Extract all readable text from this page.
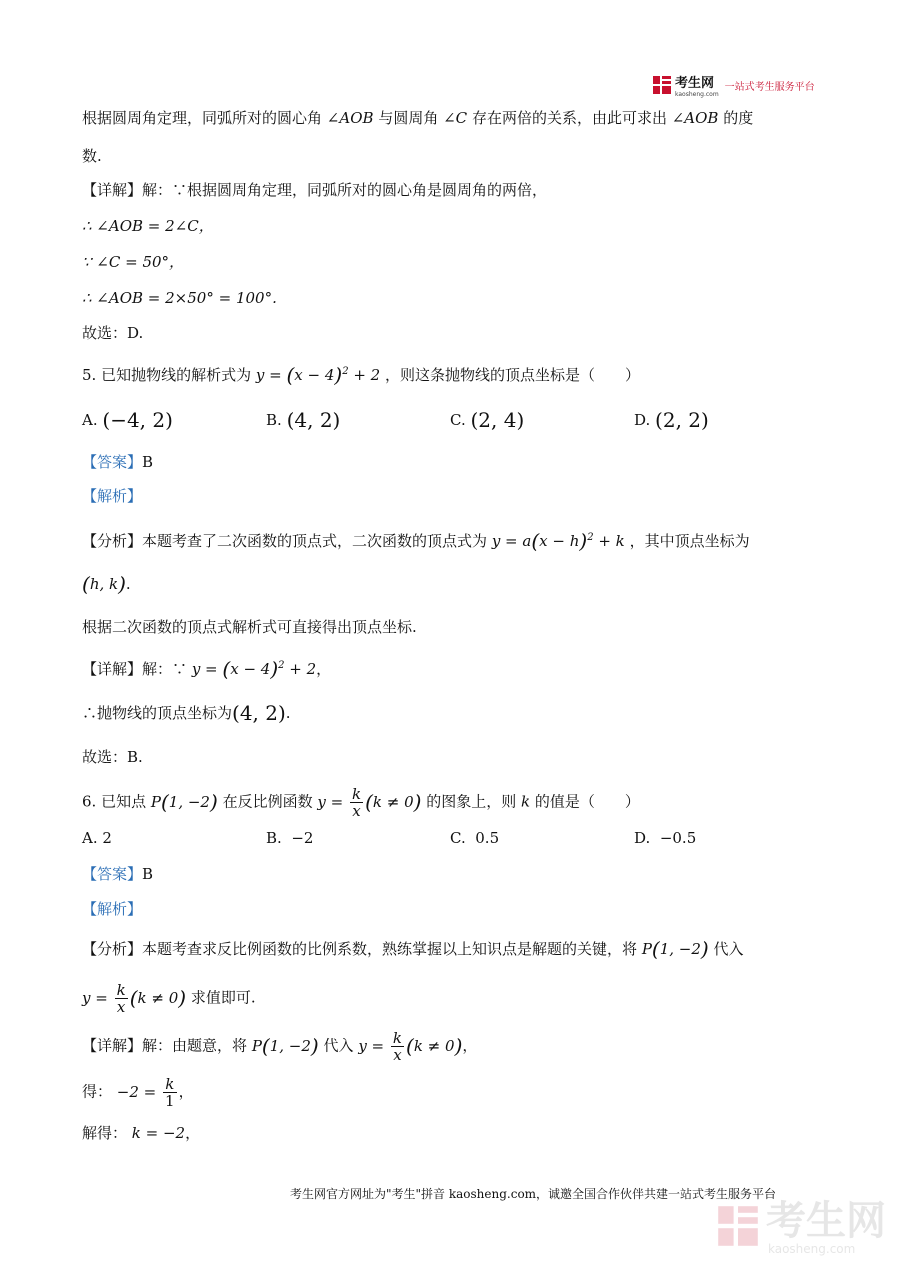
考生网
kaosheng.com
一站式考生服务平台
根据圆周角定理，同弧所对的圆心角 ∠AOB 与圆周角 ∠C 存在两倍的关系，由此可求出 ∠AOB 的度
数.
【详解】解：∵根据圆周角定理，同弧所对的圆心角是圆周角的两倍，
∴ ∠AOB = 2∠C，
∵ ∠C = 50°，
∴ ∠AOB = 2×50° = 100°.
故选：D.
5. 已知抛物线的解析式为 $y = (x - 4)^2 + 2$ ，则这条抛物线的顶点坐标是（　　）
A. (−4, 2)	B. (4, 2)	C. (2, 4)	D. (2, 2)
【答案】B
【解析】
【分析】本题考查了二次函数的顶点式，二次函数的顶点式为 $y = a(x - h)^2 + k$ ，其中顶点坐标为
(h, k).
根据二次函数的顶点式解析式可直接得出顶点坐标.
【详解】解：∵ $y = (x - 4)^2 + 2$，
∴抛物线的顶点坐标为(4, 2).
故选：B.
6. 已知点 P(1, −2) 在反比例函数 $y = \frac{k}{x} (k \ne 0)$ 的图象上，则 k 的值是（　　）
A. 2	B. −2	C. 0.5	D. −0.5
【答案】B
【解析】
【分析】本题考查求反比例函数的比例系数，熟练掌握以上知识点是解题的关键，将 P(1, −2) 代入
$y = \frac{k}{x} (k \ne 0)$ 求值即可.
【详解】解：由题意，将 P(1, −2) 代入 $y = \frac{k}{x} (k \ne 0)$，
得： $-2 = \frac{k}{1}$ ，
解得： k = −2，
考生网官方网址为"考生"拼音 kaosheng.com，诚邀全国合作伙伴共建一站式考生服务平台
考生网
kaosheng.com
